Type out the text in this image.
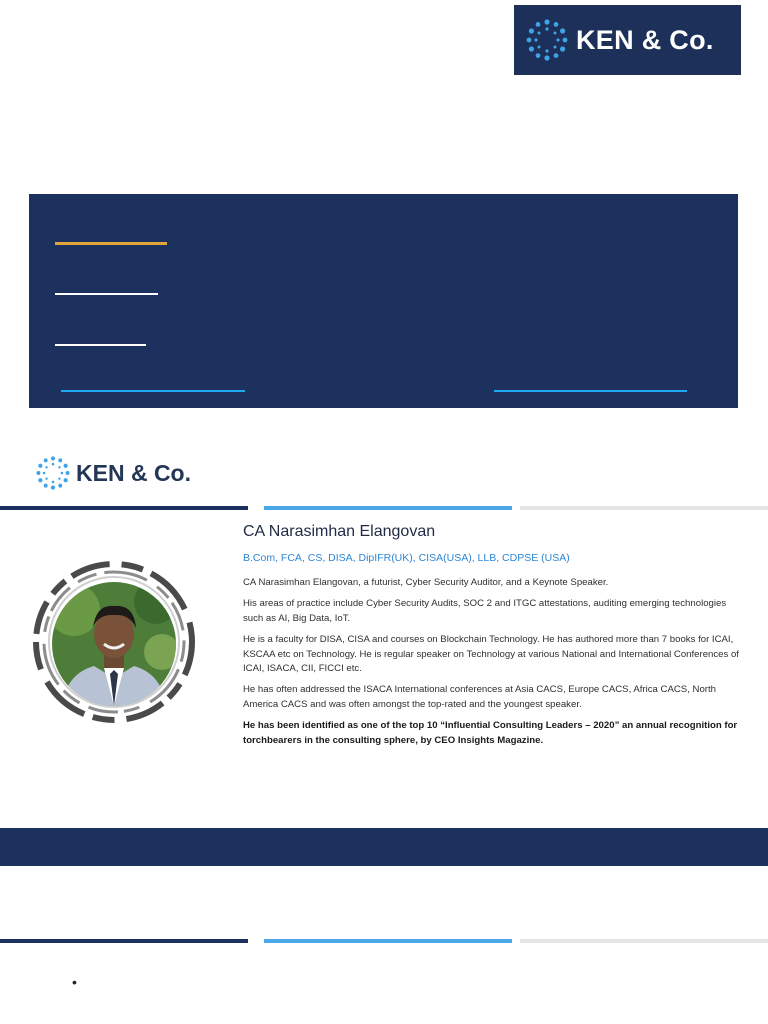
KEN & Co.
KEN & Co.
CA Narasimhan Elangovan
B.Com, FCA, CS, DISA, DipIFR(UK), CISA(USA), LLB, CDPSE (USA)

CA Narasimhan Elangovan, a futurist, Cyber Security Auditor, and a Keynote Speaker.

His areas of practice include Cyber Security Audits, SOC 2 and ITGC attestations, auditing emerging technologies such as AI, Big Data, IoT.

He is a faculty for DISA, CISA and courses on Blockchain Technology. He has authored more than 7 books for ICAI, KSCAA etc on Technology. He is regular speaker on Technology at various National and International Conferences of ICAI, ISACA, CII, FICCI etc.

He has often addressed the ISACA International conferences at Asia CACS, Europe CACS, Africa CACS, North America CACS and was often amongst the top-rated and the youngest speaker.

He has been identified as one of the top 10 “Influential Consulting Leaders – 2020” an annual recognition for torchbearers in the consulting sphere, by CEO Insights Magazine.

•
